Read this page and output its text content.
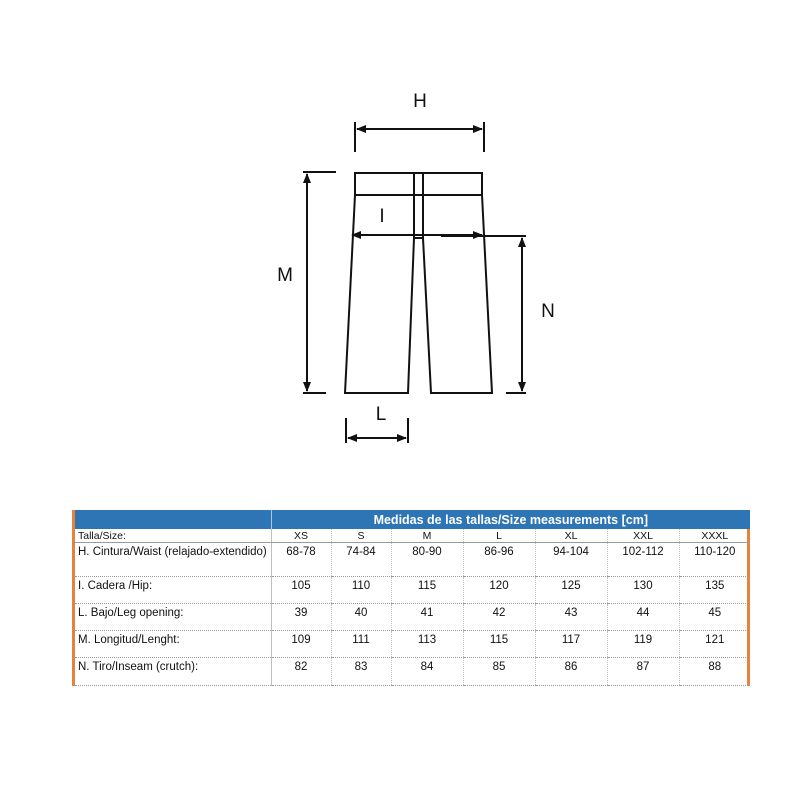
H
M
I
N
L
	Medidas de las tallas/Size measurements [cm]						
Talla/Size:	XS	S	M	L	XL	XXL	XXXL
H. Cintura/Waist (relajado-extendido)	68-78	74-84	80-90	86-96	94-104	102-112	110-120
I. Cadera /Hip:	105	110	115	120	125	130	135
L. Bajo/Leg opening:	39	40	41	42	43	44	45
M. Longitud/Lenght:	109	111	113	115	117	119	121
N. Tiro/Inseam (crutch):	82	83	84	85	86	87	88
